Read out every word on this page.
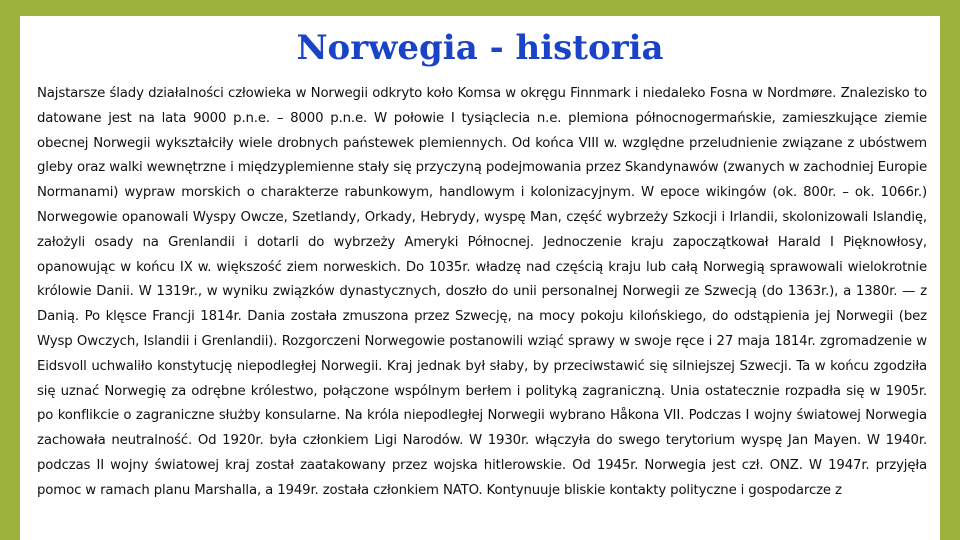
Norwegia - historia

Najstarsze ślady działalności człowieka w Norwegii odkryto koło Komsa w okręgu Finnmark i niedaleko Fosna w Nordmøre. Znalezisko to datowane jest na lata 9000 p.n.e. – 8000 p.n.e. W połowie I tysiąclecia n.e. plemiona północnogermańskie, zamieszkujące ziemie obecnej Norwegii wykształciły wiele drobnych państewek plemiennych. Od końca VIII w. względne przeludnienie związane z ubóstwem gleby oraz walki wewnętrzne i międzyplemienne stały się przyczyną podejmowania przez Skandynawów (zwanych w zachodniej Europie Normanami) wypraw morskich o charakterze rabunkowym, handlowym i kolonizacyjnym. W epoce wikingów (ok. 800r. – ok. 1066r.) Norwegowie opanowali Wyspy Owcze, Szetlandy, Orkady, Hebrydy, wyspę Man, część wybrzeży Szkocji i Irlandii, skolonizowali Islandię, założyli osady na Grenlandii i dotarli do wybrzeży Ameryki Północnej. Jednoczenie kraju zapoczątkował Harald I Pięknowłosy, opanowując w końcu IX w. większość ziem norweskich. Do 1035r. władzę nad częścią kraju lub całą Norwegią sprawowali wielokrotnie królowie Danii. W 1319r., w wyniku związków dynastycznych, doszło do unii personalnej Norwegii ze Szwecją (do 1363r.), a 1380r. — z Danią. Po klęsce Francji 1814r. Dania została zmuszona przez Szwecję, na mocy pokoju kilońskiego, do odstąpienia jej Norwegii (bez Wysp Owczych, Islandii i Grenlandii). Rozgorczeni Norwegowie postanowili wziąć sprawy w swoje ręce i 27 maja 1814r. zgromadzenie w Eidsvoll uchwaliło konstytucję niepodległej Norwegii. Kraj jednak był słaby, by przeciwstawić się silniejszej Szwecji. Ta w końcu zgodziła się uznać Norwegię za odrębne królestwo, połączone wspólnym berłem i polityką zagraniczną. Unia ostatecznie rozpadła się w 1905r. po konflikcie o zagraniczne służby konsularne. Na króla niepodległej Norwegii wybrano Håkona VII. Podczas I wojny światowej Norwegia zachowała neutralność. Od 1920r. była członkiem Ligi Narodów. W 1930r. włączyła do swego terytorium wyspę Jan Mayen. W 1940r. podczas II wojny światowej kraj został zaatakowany przez wojska hitlerowskie. Od 1945r. Norwegia jest czł. ONZ. W 1947r. przyjęła pomoc w ramach planu Marshalla, a 1949r. została członkiem NATO. Kontynuuje bliskie kontakty polityczne i gospodarcze z
